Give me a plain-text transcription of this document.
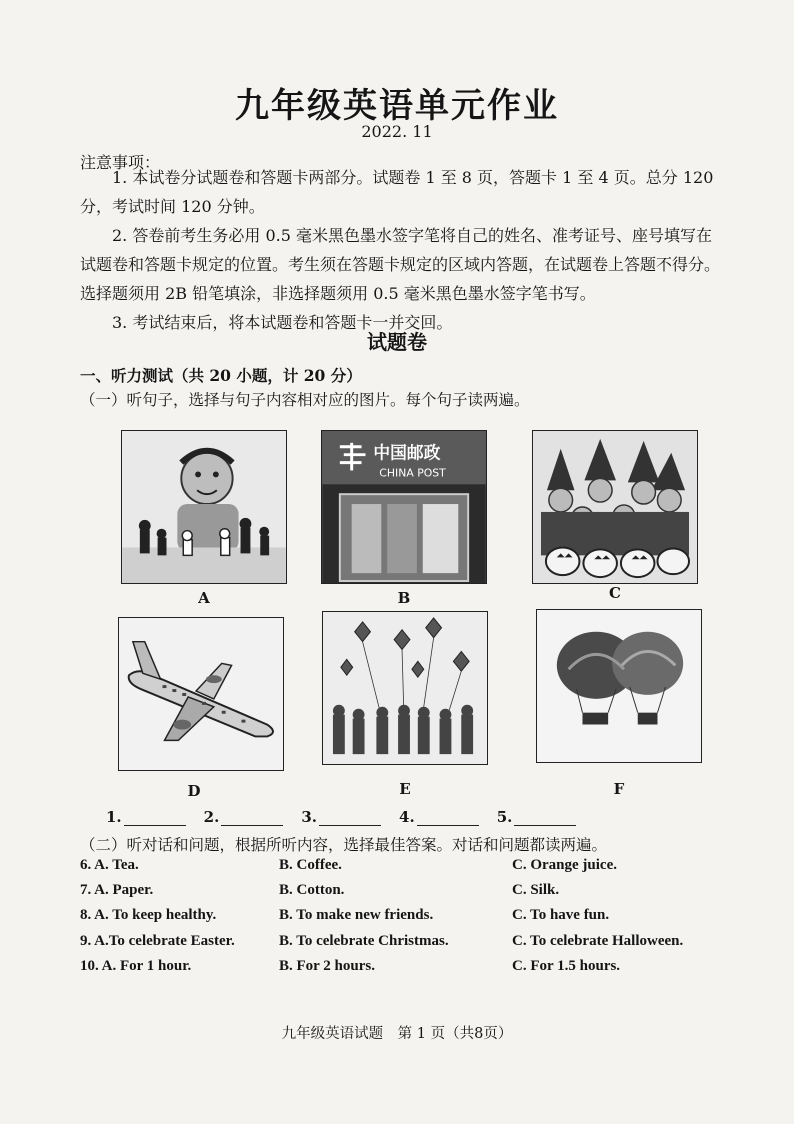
九年级英语单元作业
2022. 11
注意事项：

1. 本试卷分试题卷和答题卡两部分。试题卷 1 至 8 页，答题卡 1 至 4 页。总分 120 分，考试时间 120 分钟。

2. 答卷前考生务必用 0.5 毫米黑色墨水签字笔将自己的姓名、准考证号、座号填写在试题卷和答题卡规定的位置。考生须在答题卡规定的区域内答题，在试题卷上答题不得分。选择题须用 2B 铅笔填涂，非选择题须用 0.5 毫米黑色墨水签字笔书写。

3. 考试结束后，将本试题卷和答题卡一并交回。

试题卷
一、听力测试（共 20 小题，计 20 分）
（一）听句子，选择与句子内容相对应的图片。每个句子读两遍。
A
中国邮政
CHINA POST
B	C
D	E	F
1.	2.	3.	4.	5.
（二）听对话和问题，根据所听内容，选择最佳答案。对话和问题都读两遍。
6. A. Tea.	B. Coffee.	C. Orange juice.
7. A. Paper.	B. Cotton.	C. Silk.
8. A. To keep healthy.	B. To make new friends.	C. To have fun.
9. A.To celebrate Easter.	B. To celebrate Christmas.	C. To celebrate Halloween.
10. A. For 1 hour.	B. For 2 hours.	C. For 1.5 hours.
九年级英语试题　第 1 页（共8页）
